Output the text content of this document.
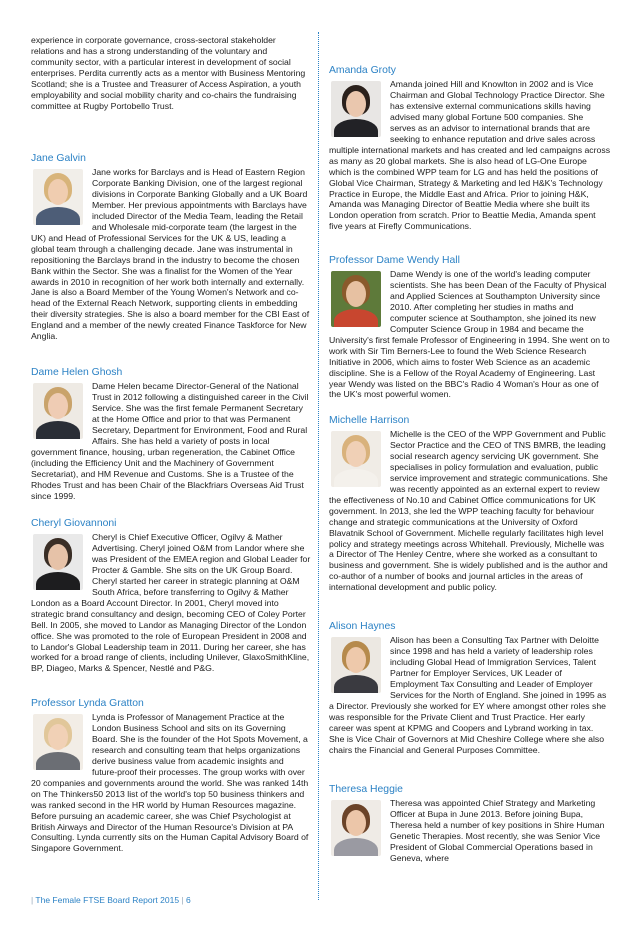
experience in corporate governance, cross-sectoral stakeholder relations and has a strong understanding of the voluntary and community sector, with a particular interest in development of social enterprises. Perdita currently acts as a mentor with Business Mentoring Scotland; she is a Trustee and Treasurer of Access Aspiration, a youth employability and social mobility charity and co-chairs the fundraising committee at Rugby Portobello Trust.

Jane Galvin

Jane works for Barclays and is Head of Eastern Region Corporate Banking Division, one of the largest regional divisions in Corporate Banking Globally and a UK Board Member. Her previous appointments with Barclays have included Director of the Media Team, leading the Retail and Wholesale mid-corporate team (the largest in the UK) and Head of Professional Services for the UK & US, leading a global team through a challenging decade. Jane was instrumental in repositioning the Barclays brand in the industry to become the chosen Bank within the Sector. She was a finalist for the Women of the Year awards in 2010 in recognition of her work both internally and externally. Jane is also a Board Member of the Young Women's Network and co-head of the External Reach Network, supporting clients in embedding their diversity strategies. She is also a board member for the CBI East of England and a member of the newly created Finance Taskforce for New Anglia.

Dame Helen Ghosh

Dame Helen became Director-General of the National Trust in 2012 following a distinguished career in the Civil Service. She was the first female Permanent Secretary at the Home Office and prior to that was Permanent Secretary, Department for Environment, Food and Rural Affairs. She has held a variety of posts in local government finance, housing, urban regeneration, the Cabinet Office (including the Efficiency Unit and the Machinery of Government Secretariat), and HM Revenue and Customs. She is a Trustee of the Rhodes Trust and has been Chair of the Blackfriars Overseas Aid Trust since 1999.

Cheryl Giovannoni

Cheryl is Chief Executive Officer, Ogilvy & Mather Advertising. Cheryl joined O&M from Landor where she was President of the EMEA region and Global Leader for Procter & Gamble. She sits on the UK Group Board. Cheryl started her career in strategic planning at O&M South Africa, before transferring to Ogilvy & Mather London as a Board Account Director. In 2001, Cheryl moved into strategic brand consultancy and design, becoming CEO of Coley Porter Bell. In 2005, she moved to Landor as Managing Director of the London office. She was promoted to the role of European President in 2008 and to Landor's Global Leadership team in 2011. During her career, she has worked for a broad range of clients, including Unilever, GlaxoSmithKline, BP, Diageo, Marks & Spencer, Nestlé and P&G.

Professor Lynda Gratton

Lynda is Professor of Management Practice at the London Business School and sits on its Governing Board. She is the founder of the Hot Spots Movement, a research and consulting team that helps organizations derive business value from academic insights and future-proof their processes. The group works with over 20 companies and governments around the world. She was ranked 14th on The Thinkers50 2013 list of the world's top 50 business thinkers and was ranked second in the HR world by Human Resources magazine. Before pursuing an academic career, she was Chief Psychologist at British Airways and Director of the Human Resource's Division at PA Consulting. Lynda currently sits on the Human Capital Advisory Board of Singapore Government.

Amanda Groty

Amanda joined Hill and Knowlton in 2002 and is Vice Chairman and Global Technology Practice Director. She has extensive external communications skills having advised many global Fortune 500 companies. She serves as an advisor to international brands that are seeking to enhance reputation and drive sales across multiple international markets and has created and led campaigns across as many as 20 global markets. She is also head of LG-One Europe which is the combined WPP team for LG and has held the positions of Global Vice Chairman, Strategy & Marketing and led H&K's Technology Practice in Europe, the Middle East and Africa. Prior to joining H&K, Amanda was Managing Director of Beattie Media where she built its London operation from scratch. Prior to Beattie Media, Amanda spent five years at Firefly Communications.

Professor Dame Wendy Hall

Dame Wendy is one of the world's leading computer scientists. She has been Dean of the Faculty of Physical and Applied Sciences at Southampton University since 2010. After completing her studies in maths and computer science at Southampton, she joined its new Computer Science Group in 1984 and became the University's first female Professor of Engineering in 1994. She went on to work with Sir Tim Berners-Lee to found the Web Science Research Initiative in 2006, which aims to foster Web Science as an academic discipline. She is a Fellow of the Royal Academy of Engineering. Last year Wendy was listed on the BBC's Radio 4 Woman's Hour as one of the UK's most powerful women.

Michelle Harrison

Michelle is the CEO of the WPP Government and Public Sector Practice and the CEO of TNS BMRB, the leading social research agency servicing UK government. She specialises in policy formulation and evaluation, public service improvement and strategic communications. She was recently appointed as an external expert to review the effectiveness of No.10 and Cabinet Office communications for UK government. In 2013, she led the WPP teaching faculty for behaviour change and strategic communications at the University of Oxford Blavatnik School of Government. Michelle regularly facilitates high level policy and strategy meetings across Whitehall. Previously, Michelle was a Director of The Henley Centre, where she worked as a consultant to business and government. She is widely published and is the author and co-author of a number of books and journal articles in the areas of international development and public policy.

Alison Haynes

Alison has been a Consulting Tax Partner with Deloitte since 1998 and has held a variety of leadership roles including Global Head of Immigration Services, Talent Partner for Employer Services, UK Leader of Employment Tax Consulting and Leader of Employer Services for the North of England. She joined in 1995 as a Director. Previously she worked for EY where amongst other roles she was responsible for the Private Client and Trust Practice. Her early career was spent at KPMG and Coopers and Lybrand working in tax. She is Vice Chair of Governors at Mid Cheshire College where she also chairs the Financial and General Purposes Committee.

Theresa Heggie

Theresa was appointed Chief Strategy and Marketing Officer at Bupa in June 2013. Before joining Bupa, Theresa held a number of key positions in Shire Human Genetic Therapies. Most recently, she was Senior Vice President of Global Commercial Operations based in Geneva, where

| The Female FTSE Board Report 2015 | 6
